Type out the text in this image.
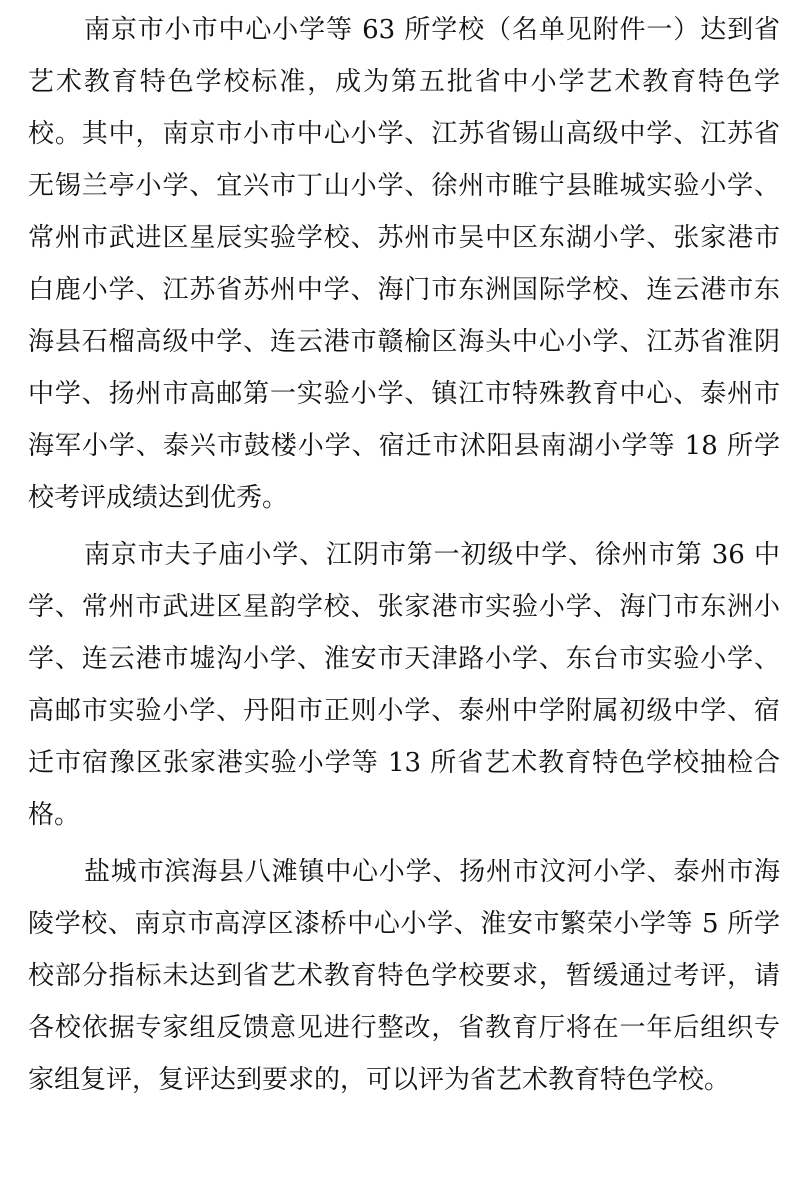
南京市小市中心小学等 63 所学校（名单见附件一）达到省
艺术教育特色学校标准，成为第五批省中小学艺术教育特色学
校。其中，南京市小市中心小学、江苏省锡山高级中学、江苏省
无锡兰亭小学、宜兴市丁山小学、徐州市睢宁县睢城实验小学、
常州市武进区星辰实验学校、苏州市吴中区东湖小学、张家港市
白鹿小学、江苏省苏州中学、海门市东洲国际学校、连云港市东
海县石榴高级中学、连云港市赣榆区海头中心小学、江苏省淮阴
中学、扬州市高邮第一实验小学、镇江市特殊教育中心、泰州市
海军小学、泰兴市鼓楼小学、宿迁市沭阳县南湖小学等 18 所学
校考评成绩达到优秀。
南京市夫子庙小学、江阴市第一初级中学、徐州市第 36 中
学、常州市武进区星韵学校、张家港市实验小学、海门市东洲小
学、连云港市墟沟小学、淮安市天津路小学、东台市实验小学、
高邮市实验小学、丹阳市正则小学、泰州中学附属初级中学、宿
迁市宿豫区张家港实验小学等 13 所省艺术教育特色学校抽检合
格。
盐城市滨海县八滩镇中心小学、扬州市汶河小学、泰州市海
陵学校、南京市高淳区漆桥中心小学、淮安市繁荣小学等 5 所学
校部分指标未达到省艺术教育特色学校要求，暂缓通过考评，请
各校依据专家组反馈意见进行整改，省教育厅将在一年后组织专
家组复评，复评达到要求的，可以评为省艺术教育特色学校。
